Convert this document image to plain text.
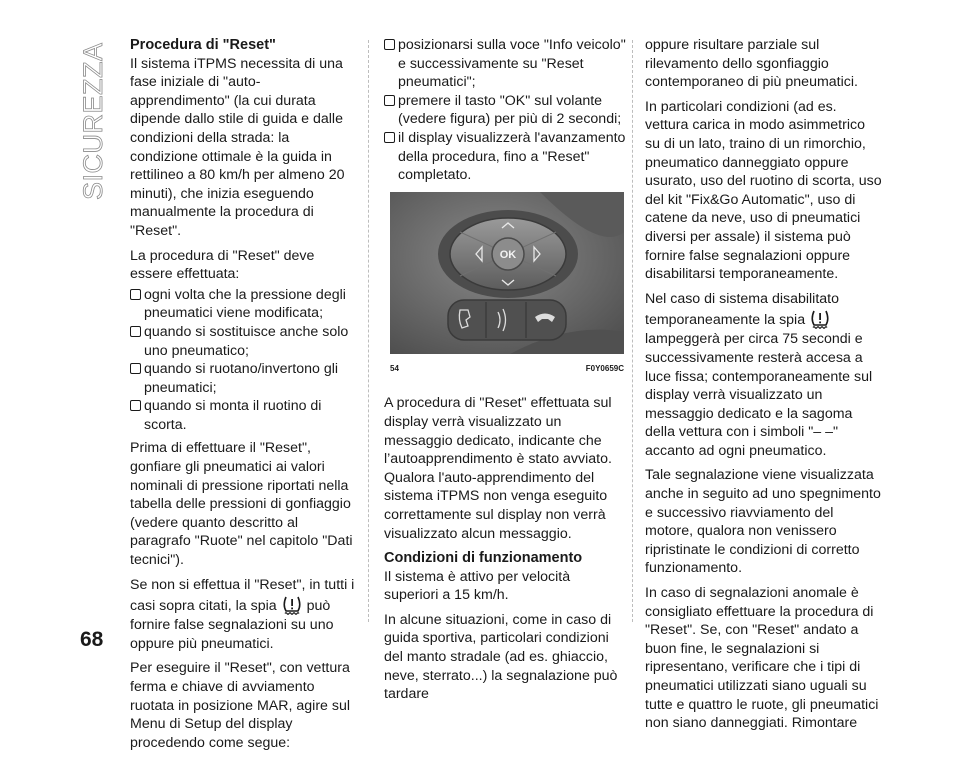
SICUREZZA
68
Procedura di "Reset"

Il sistema iTPMS necessita di una fase iniziale di "auto-apprendimento" (la cui durata dipende dallo stile di guida e dalle condizioni della strada: la condizione ottimale è la guida in rettilineo a 80 km/h per almeno 20 minuti), che inizia eseguendo manualmente la procedura di "Reset".

La procedura di "Reset" deve essere effettuata:

ogni volta che la pressione degli pneumatici viene modificata;
quando si sostituisce anche solo uno pneumatico;
quando si ruotano/invertono gli pneumatici;
quando si monta il ruotino di scorta.

Prima di effettuare il "Reset", gonfiare gli pneumatici ai valori nominali di pressione riportati nella tabella delle pressioni di gonfiaggio (vedere quanto descritto al paragrafo "Ruote" nel capitolo "Dati tecnici").

Se non si effettua il "Reset", in tutti i casi sopra citati, la spia può fornire false segnalazioni su uno oppure più pneumatici.

Per eseguire il "Reset", con vettura ferma e chiave di avviamento ruotata in posizione MAR, agire sul Menu di Setup del display procedendo come segue:

posizionarsi sulla voce "Info veicolo" e successivamente su "Reset pneumatici";
premere il tasto "OK" sul volante (vedere figura) per più di 2 secondi;
il display visualizzerà l'avanzamento della procedura, fino a "Reset" completato.
OK
54	F0Y0659C

A procedura di "Reset" effettuata sul display verrà visualizzato un messaggio dedicato, indicante che l’autoapprendimento è stato avviato. Qualora l'auto-apprendimento del sistema iTPMS non venga eseguito correttamente sul display non verrà visualizzato alcun messaggio.

Condizioni di funzionamento

Il sistema è attivo per velocità superiori a 15 km/h.

In alcune situazioni, come in caso di guida sportiva, particolari condizioni del manto stradale (ad es. ghiaccio, neve, sterrato...) la segnalazione può tardare

oppure risultare parziale sul rilevamento dello sgonfiaggio contemporaneo di più pneumatici.

In particolari condizioni (ad es. vettura carica in modo asimmetrico su di un lato, traino di un rimorchio, pneumatico danneggiato oppure usurato, uso del ruotino di scorta, uso del kit "Fix&Go Automatic", uso di catene da neve, uso di pneumatici diversi per assale) il sistema può fornire false segnalazioni oppure disabilitarsi temporaneamente.

Nel caso di sistema disabilitato temporaneamente la spia  lampeggerà per circa 75 secondi e successivamente resterà accesa a luce fissa; contemporaneamente sul display verrà visualizzato un messaggio dedicato e la sagoma della vettura con i simboli "– –" accanto ad ogni pneumatico.

Tale segnalazione viene visualizzata anche in seguito ad uno spegnimento e successivo riavviamento del motore, qualora non venissero ripristinate le condizioni di corretto funzionamento.

In caso di segnalazioni anomale è consigliato effettuare la procedura di "Reset". Se, con "Reset" andato a buon fine, le segnalazioni si ripresentano, verificare che i tipi di pneumatici utilizzati siano uguali su tutte e quattro le ruote, gli pneumatici non siano danneggiati. Rimontare
